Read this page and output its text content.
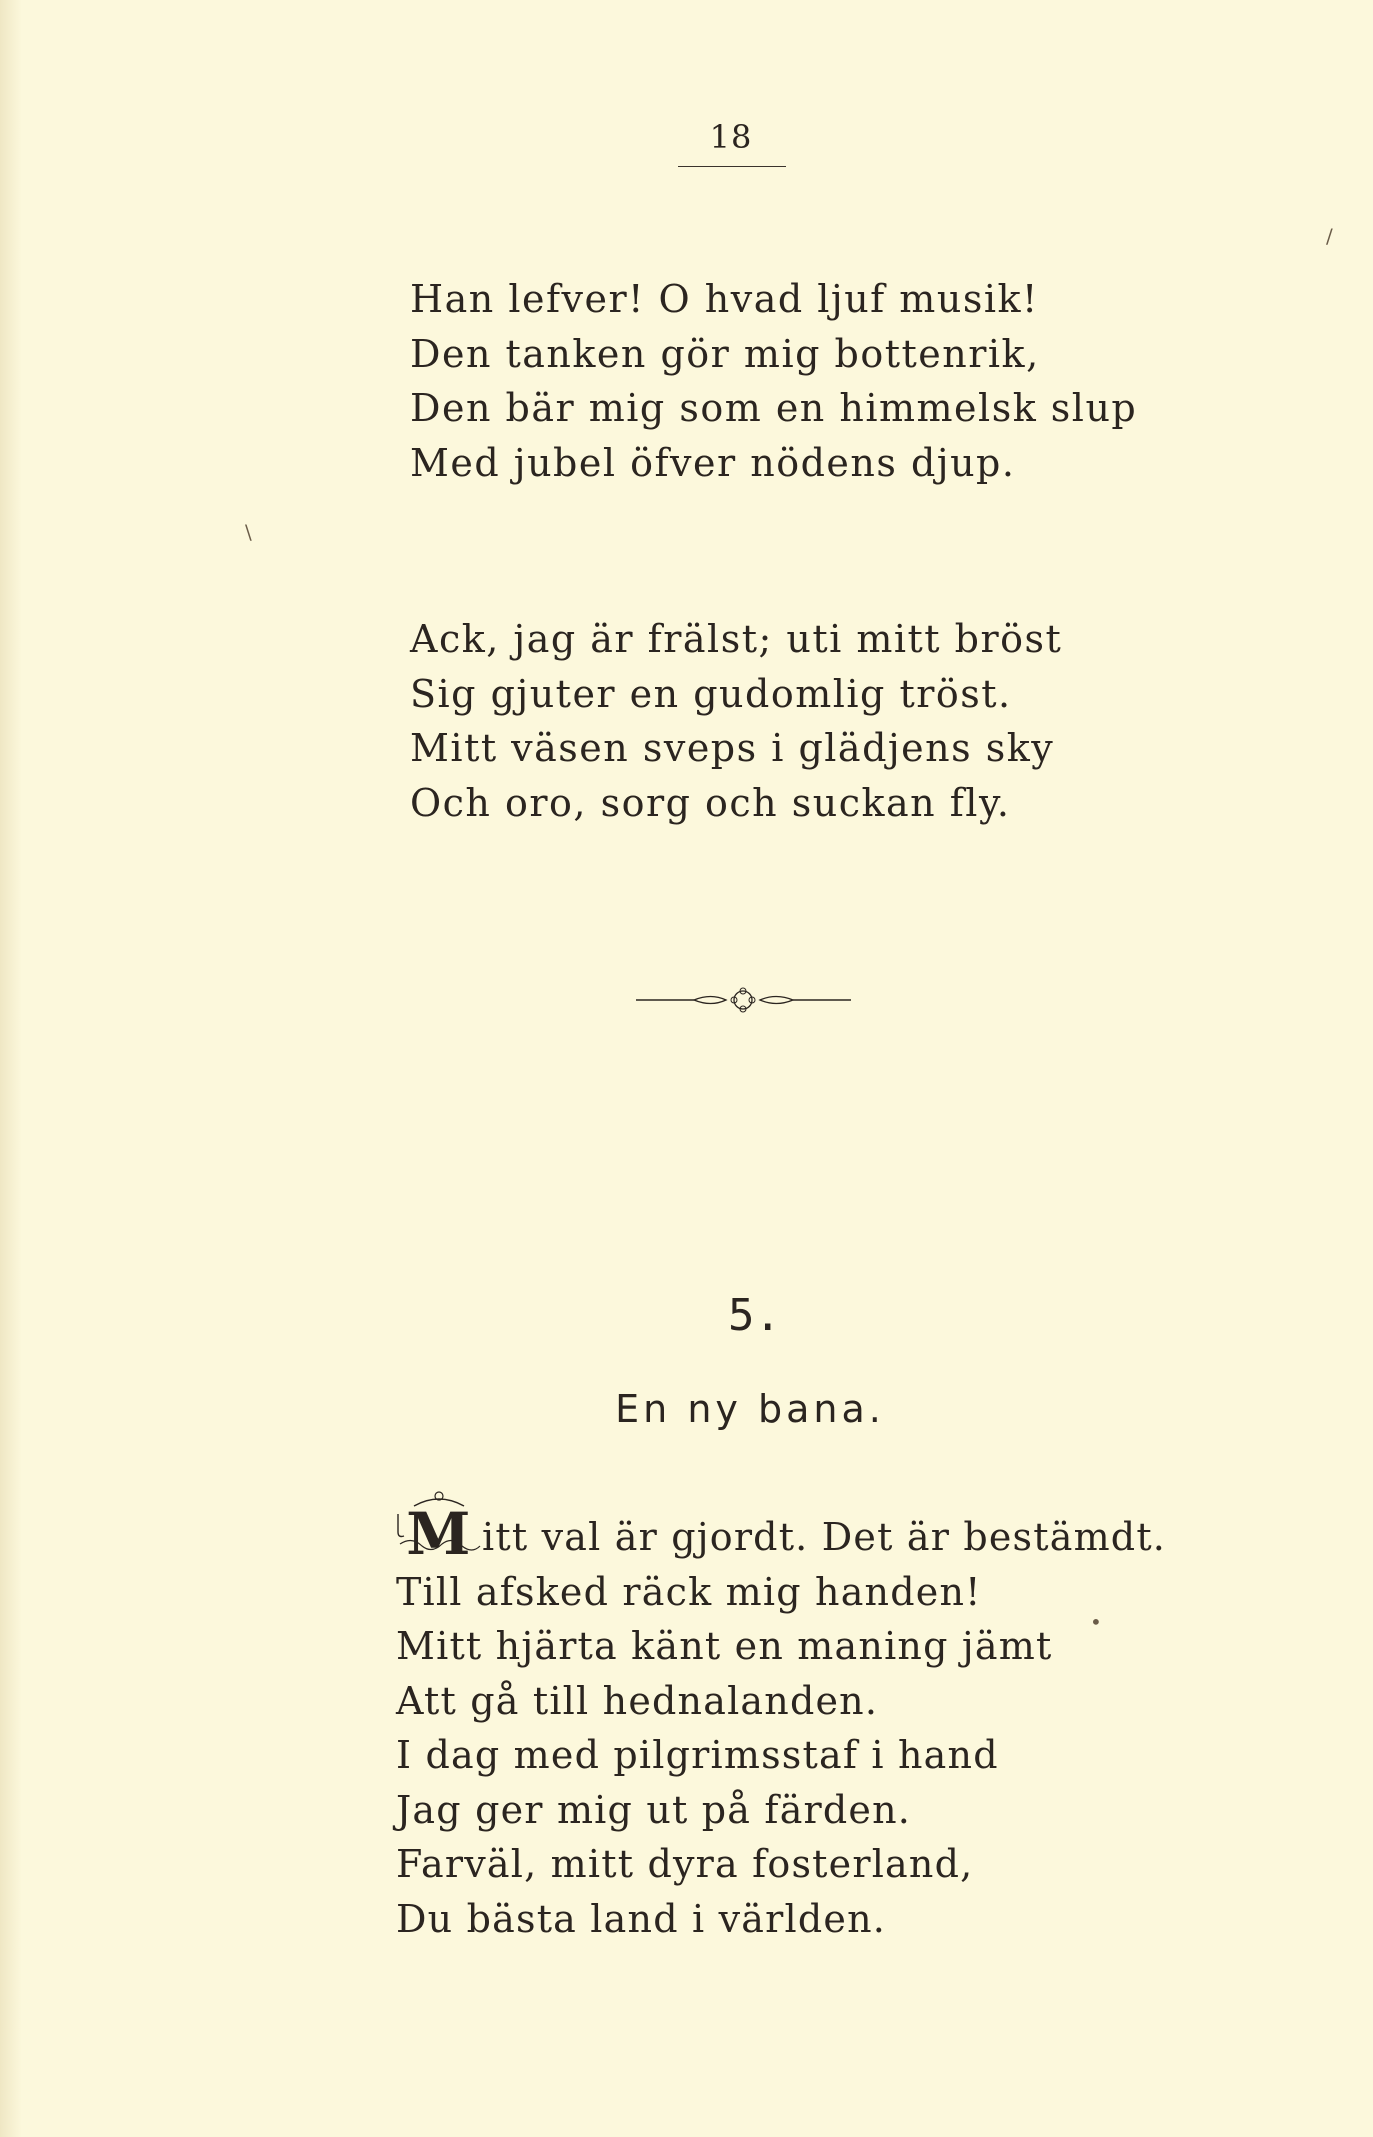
18
Han lefver! O hvad ljuf musik!
Den tanken gör mig bottenrik,
Den bär mig som en himmelsk slup
Med jubel öfver nödens djup.
Ack, jag är frälst; uti mitt bröst
Sig gjuter en gudomlig tröst.
Mitt väsen sveps i glädjens sky
Och oro, sorg och suckan fly.
5.
En ny bana.
Mitt val är gjordt. Det är bestämdt.
Till afsked räck mig handen!
Mitt hjärta känt en maning jämt
Att gå till hednalanden.
I dag med pilgrimsstaf i hand
Jag ger mig ut på färden.
Farväl, mitt dyra fosterland,
Du bästa land i världen.
/
\
•
